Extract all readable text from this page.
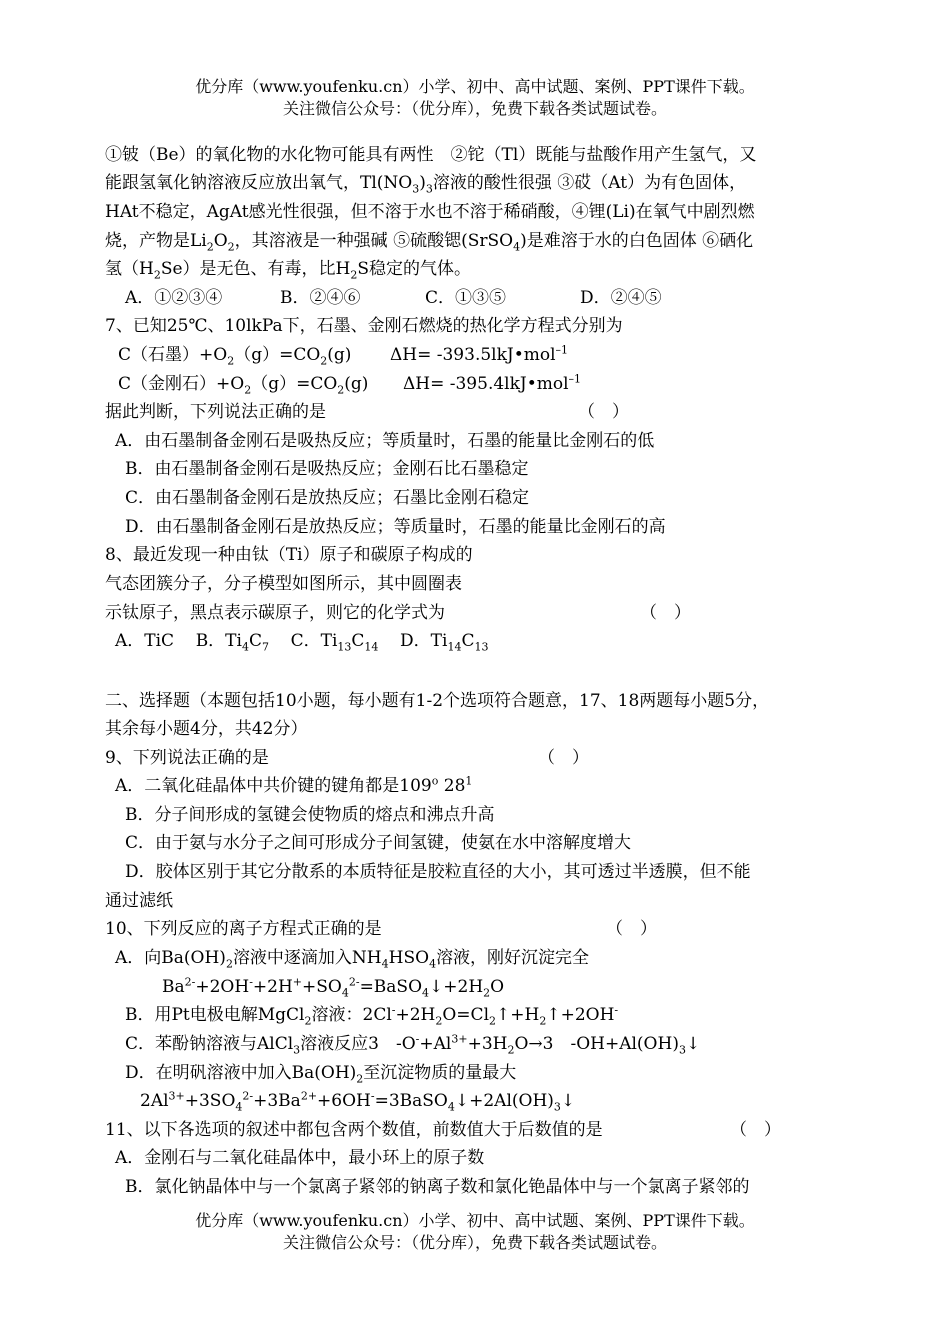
优分库（www.youfenku.cn）小学、初中、高中试题、案例、PPT课件下载。
关注微信公众号：（优分库），免费下载各类试题试卷。
①铍（Be）的氧化物的水化物可能具有两性　②铊（Tl）既能与盐酸作用产生氢气，又
能跟氢氧化钠溶液反应放出氧气，$Tl(NO_3)_3$溶液的酸性很强 ③砹（At）为有色固体，
HAt不稳定，AgAt感光性很强，但不溶于水也不溶于稀硝酸，④锂(Li)在氧气中剧烈燃
烧，产物是$Li_2O_2$，其溶液是一种强碱 ⑤硫酸锶(SrSO$_4$)是难溶于水的白色固体 ⑥硒化
氢$(H_2Se)$是无色、有毒，比$H_2S$稳定的气体。
A．①②③④	B．②④⑥	C．①③⑤	D．②④⑤
7、已知25℃、10lkPa下，石墨、金刚石燃烧的热化学方程式分别为
C（石墨）$+O_2(g)=CO_2(g)$ ΔH= -393.5lkJ•mol$^{-1}$
C（金刚石）$+O_2(g)=CO_2(g)$ ΔH= -395.4lkJ•mol$^{-1}$
据此判断，下列说法正确的是	（　）
A．由石墨制备金刚石是吸热反应；等质量时，石墨的能量比金刚石的低
B．由石墨制备金刚石是吸热反应；金刚石比石墨稳定
C．由石墨制备金刚石是放热反应；石墨比金刚石稳定
D．由石墨制备金刚石是放热反应；等质量时，石墨的能量比金刚石的高
8、最近发现一种由钛（Ti）原子和碳原子构成的
气态团簇分子，分子模型如图所示，其中圆圈表
示钛原子，黑点表示碳原子，则它的化学式为	（　）
A．TiC B．$Ti_4C_7$ C．$Ti_{13}C_{14}$ D．$Ti_{14}C_{13}$
二、选择题（本题包括10小题，每小题有1-2个选项符合题意，17、18两题每小题5分，
其余每小题4分，共42分）
9、下列说法正确的是	（　）
A．二氧化硅晶体中共价键的键角都是109$^o$ $28^1$
B．分子间形成的氢键会使物质的熔点和沸点升高
C．由于氨与水分子之间可形成分子间氢键，使氨在水中溶解度增大
D．胶体区别于其它分散系的本质特征是胶粒直径的大小，其可透过半透膜，但不能
通过滤纸
10、下列反应的离子方程式正确的是	（　）
A．向$Ba(OH)_2$溶液中逐滴加入$NH_4HSO_4$溶液，刚好沉淀完全
$Ba^{2-}+2OH^-+2H^++SO_4^{2-}=BaSO_4↓+2H_2O$
B．用Pt电极电解MgCl$_2$溶液：$2Cl^-+2H_2O=Cl_2↑+H_2↑+2OH^-$
C．苯酚钠溶液与AlCl$_3$溶液反应3　$-O^-+Al^{3+}+3H_2O\to 3$　$-OH+Al(OH)_3↓$
D．在明矾溶液中加入$Ba(OH)_2$至沉淀物质的量最大
$2Al^{3+}+3SO_4^{2-}+3Ba^{2+}+6OH^-=3BaSO_4↓+2Al(OH)_3↓$
11、以下各选项的叙述中都包含两个数值，前数值大于后数值的是	（　）
A．金刚石与二氧化硅晶体中，最小环上的原子数
B．氯化钠晶体中与一个氯离子紧邻的钠离子数和氯化铯晶体中与一个氯离子紧邻的
优分库（www.youfenku.cn）小学、初中、高中试题、案例、PPT课件下载。
关注微信公众号：（优分库），免费下载各类试题试卷。
